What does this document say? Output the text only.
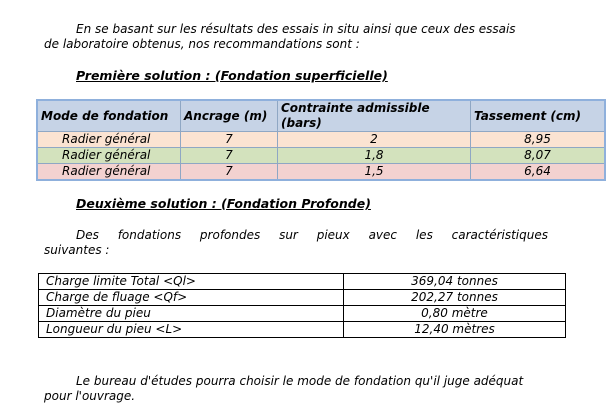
En se basant sur les résultats des essais in situ ainsi que ceux des essais
de laboratoire obtenus, nos recommandations sont :

Première solution : (Fondation superficielle)

Mode de fondation	Ancrage (m)	Contrainte admissible (bars)	Tassement (cm)
Radier général	7	2	8,95
Radier général	7	1,8	8,07
Radier général	7	1,5	6,64

Deuxième solution : (Fondation Profonde)

Des fondations profondes sur pieux avec les caractéristiques
suivantes :

Charge limite Total <Ql>	369,04 tonnes
Charge de fluage <Qf>	202,27 tonnes
Diamètre du pieu	0,80 mètre
Longueur du pieu <L>	12,40 mètres

Le bureau d'études pourra choisir le mode de fondation qu'il juge adéquat
pour l'ouvrage.
